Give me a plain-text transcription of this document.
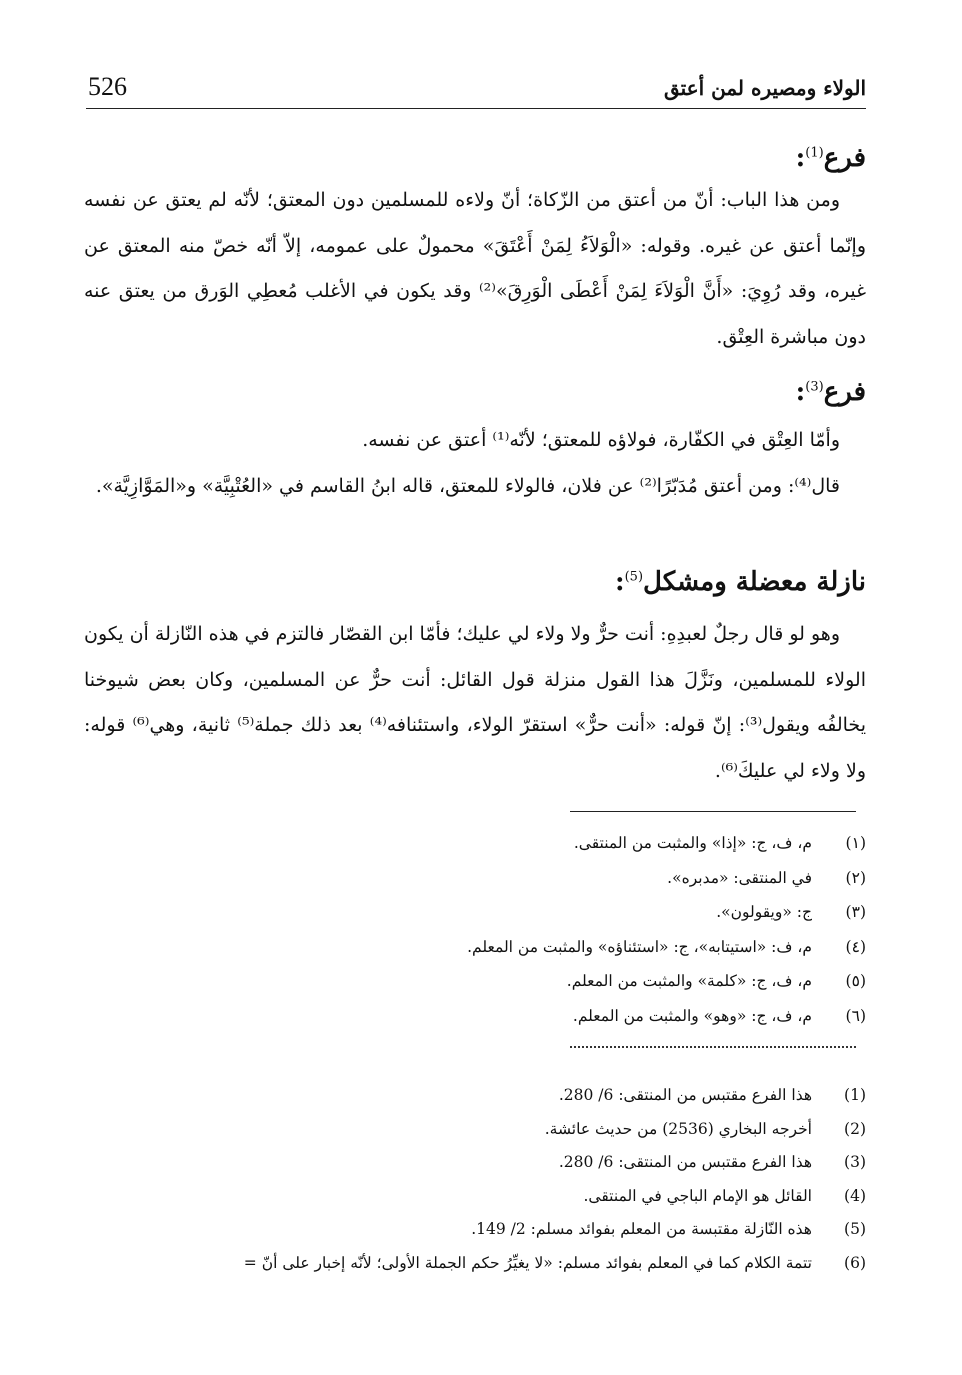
526	الولاء ومصيره لمن أعتق
فرع$^{(1)}$:

ومن هذا الباب: أنّ من أعتق من الزّكاة؛ أنّ ولاءه للمسلمين دون المعتق؛ لأنّه لم يعتق عن نفسه وإنّما أعتق عن غيره. وقوله: «الْوَلاَءُ لِمَنْ أَعْتَقَ» محمولٌ على عمومه، إلاّ أنّه خصّ منه المعتق عن غيره، وقد رُوِيَ: «أَنَّ الْوَلاَءَ لِمَنْ أَعْطَى الْوَرِقَ»⁽²⁾ وقد يكون في الأغلب مُعطِي الوَرق من يعتق عنه دون مباشرة العِتْق.

فرع$^{(3)}$:

وأمّا العِتْق في الكفّارة، فولاؤه للمعتق؛ لأنّه⁽¹⁾ أعتق عن نفسه.

قال⁽⁴⁾: ومن أعتق مُدَبّرًا⁽²⁾ عن فلان، فالولاء للمعتق، قاله ابنُ القاسم في «العُتْبِيَّة» و«المَوَّازِيَّة».

نازلة معضلة ومشكل$^{(5)}$:

وهو لو قال رجلٌ لعبدِهِ: أنت حرٌّ ولا ولاء لي عليك؛ فأمّا ابن القصّار فالتزم في هذه النّازلة أن يكون الولاء للمسلمين، ونَزَّلَ هذا القول منزلة قول القائل: أنت حرٌّ عن المسلمين، وكان بعض شيوخنا يخالفُه ويقول⁽³⁾: إنّ قوله: «أنت حرٌّ» استقرّ الولاء، واستئنافه⁽⁴⁾ بعد ذلك جملة⁽⁵⁾ ثانية، وهي⁽⁶⁾ قوله: ولا ولاء لي عليكَ⁽⁶⁾.

(١)
م، ف، ج: «إذا» والمثبت من المنتقى.
(٢)
في المنتقى: «مدبره».
(٣)
ج: «ويقولون».
(٤)
م، ف: «استيتابه»، ج: «استئناؤه» والمثبت من المعلم.
(٥)
م، ف، ج: «كلمة» والمثبت من المعلم.
(٦)
م، ف، ج: «وهو» والمثبت من المعلم.
(1)
هذا الفرع مقتبس من المنتقى: 6/ 280.
(2)
أخرجه البخاري (2536) من حديث عائشة.
(3)
هذا الفرع مقتبس من المنتقى: 6/ 280.
(4)
القائل هو الإمام الباجي في المنتقى.
(5)
هذه النّازلة مقتبسة من المعلم بفوائد مسلم: 2/ 149.
(6)
تتمة الكلام كما في المعلم بفوائد مسلم: «لا يغيِّرُ حكم الجملة الأولى؛ لأنّه إخبار على أنّ =
